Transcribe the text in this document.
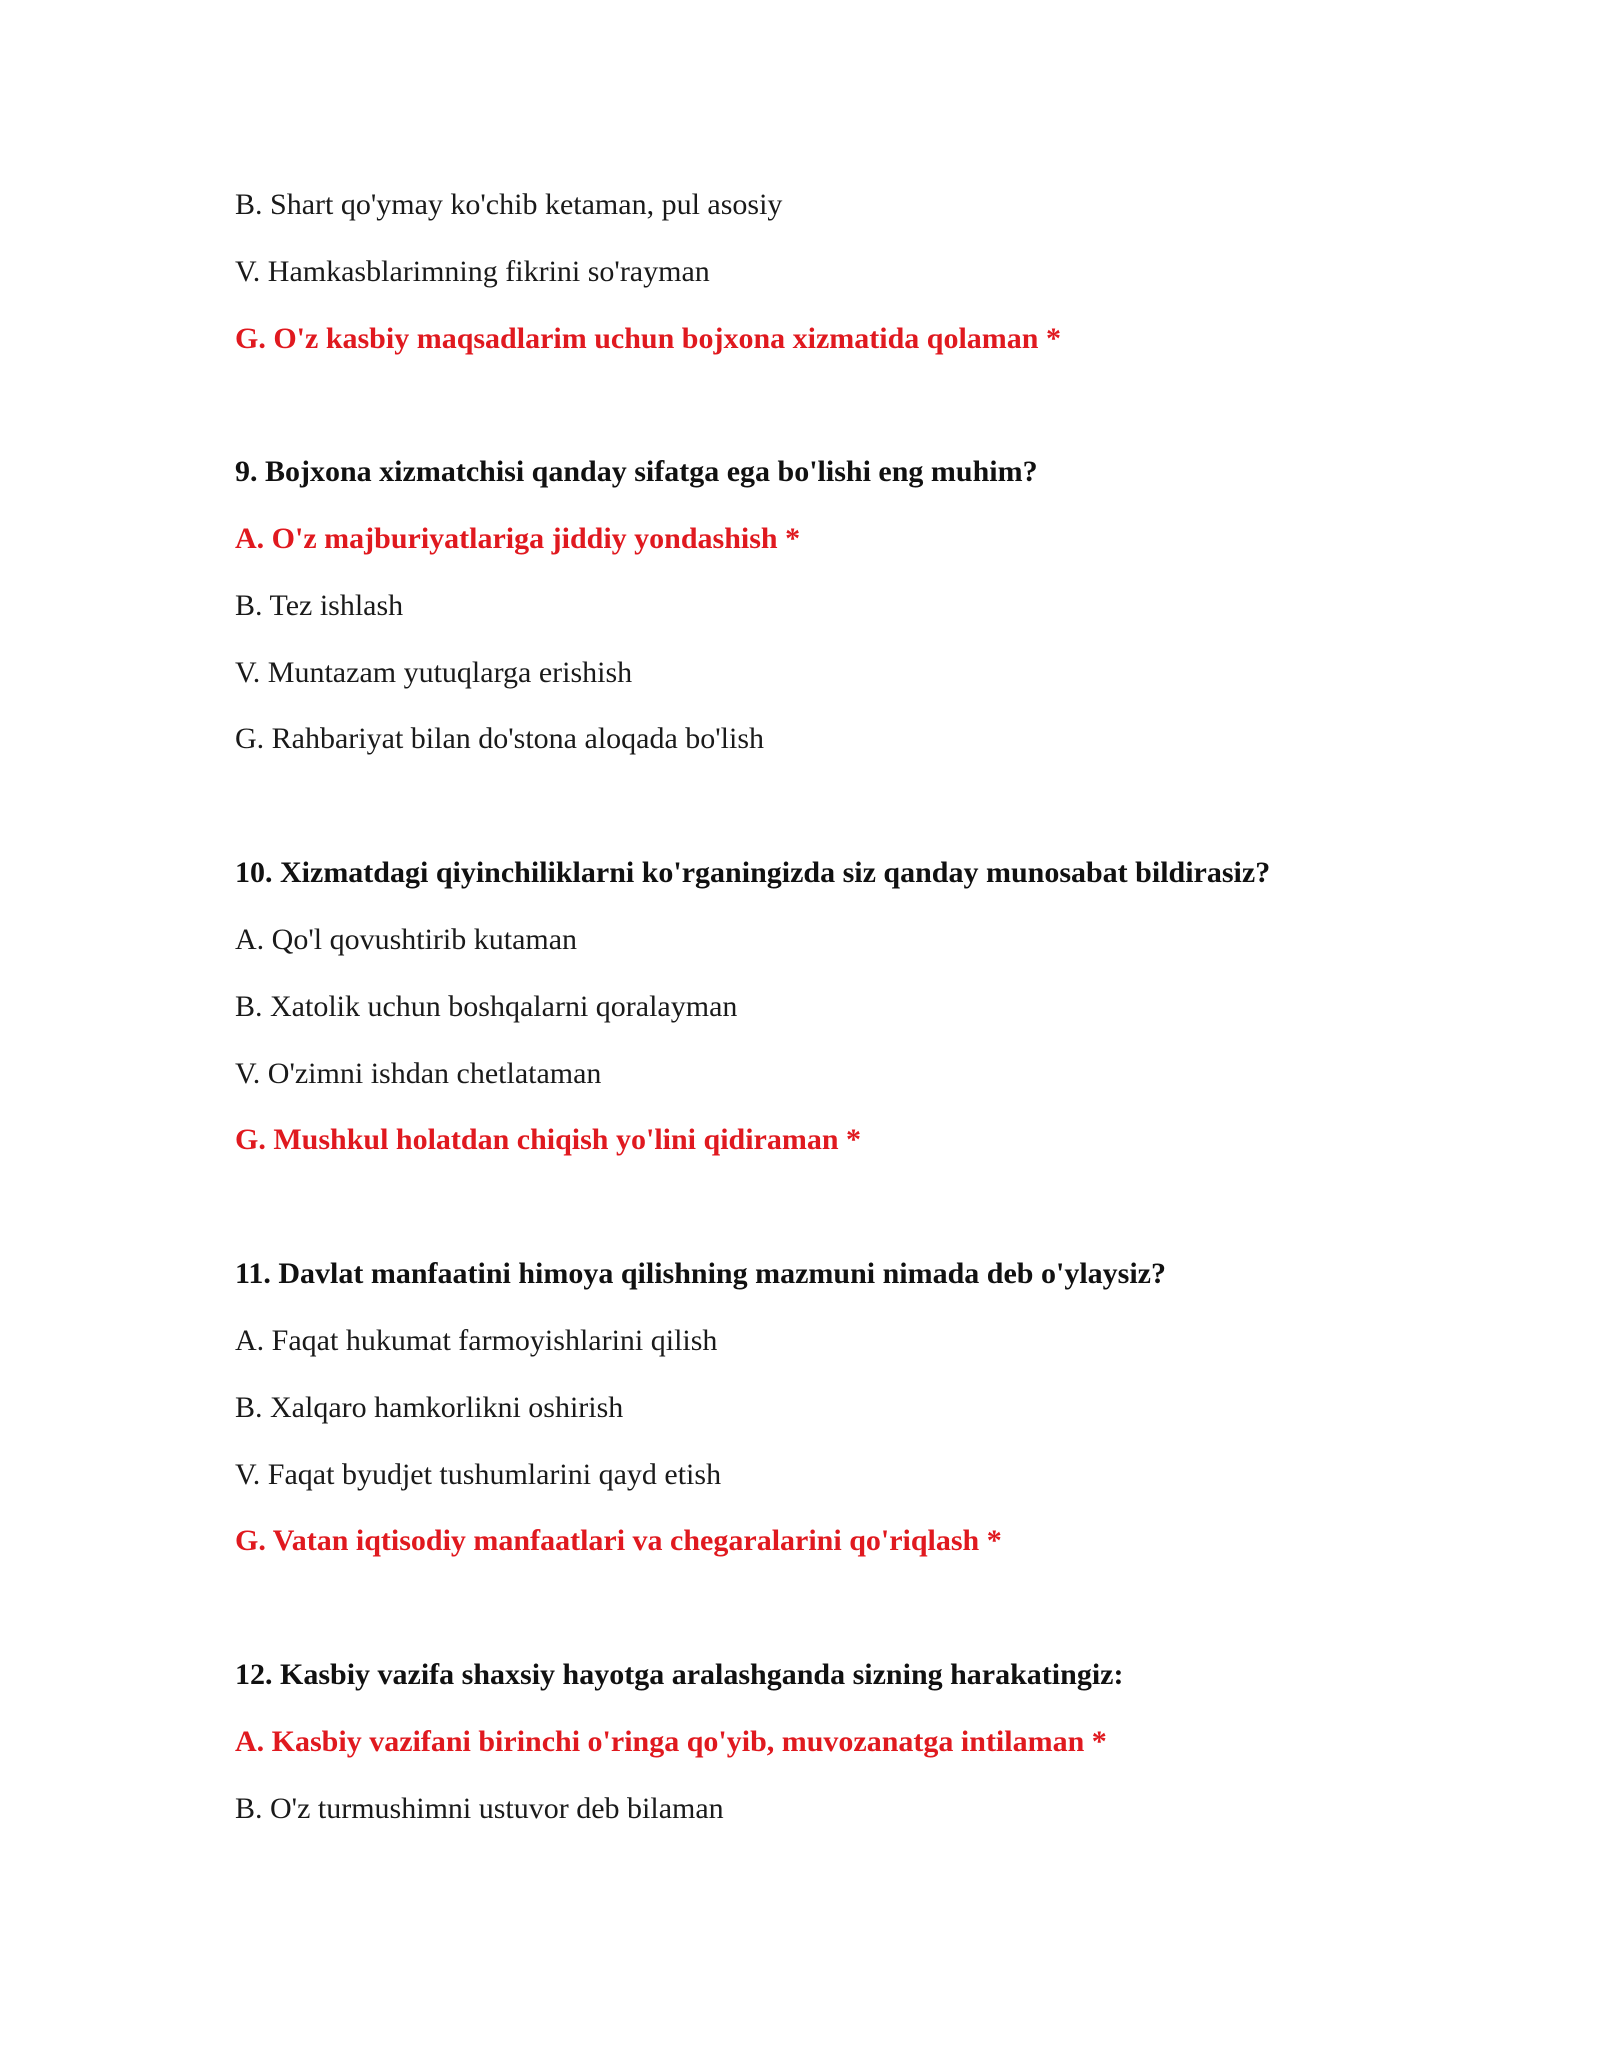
B. Shart qo'ymay ko'chib ketaman, pul asosiy
V. Hamkasblarimning fikrini so'rayman
G. O'z kasbiy maqsadlarim uchun bojxona xizmatida qolaman *
9. Bojxona xizmatchisi qanday sifatga ega bo'lishi eng muhim?
A. O'z majburiyatlariga jiddiy yondashish *
B. Tez ishlash
V. Muntazam yutuqlarga erishish
G. Rahbariyat bilan do'stona aloqada bo'lish
10. Xizmatdagi qiyinchiliklarni ko'rganingizda siz qanday munosabat bildirasiz?
A. Qo'l qovushtirib kutaman
B. Xatolik uchun boshqalarni qoralayman
V. O'zimni ishdan chetlataman
G. Mushkul holatdan chiqish yo'lini qidiraman *
11. Davlat manfaatini himoya qilishning mazmuni nimada deb o'ylaysiz?
A. Faqat hukumat farmoyishlarini qilish
B. Xalqaro hamkorlikni oshirish
V. Faqat byudjet tushumlarini qayd etish
G. Vatan iqtisodiy manfaatlari va chegaralarini qo'riqlash *
12. Kasbiy vazifa shaxsiy hayotga aralashganda sizning harakatingiz:
A. Kasbiy vazifani birinchi o'ringa qo'yib, muvozanatga intilaman *
B. O'z turmushimni ustuvor deb bilaman
